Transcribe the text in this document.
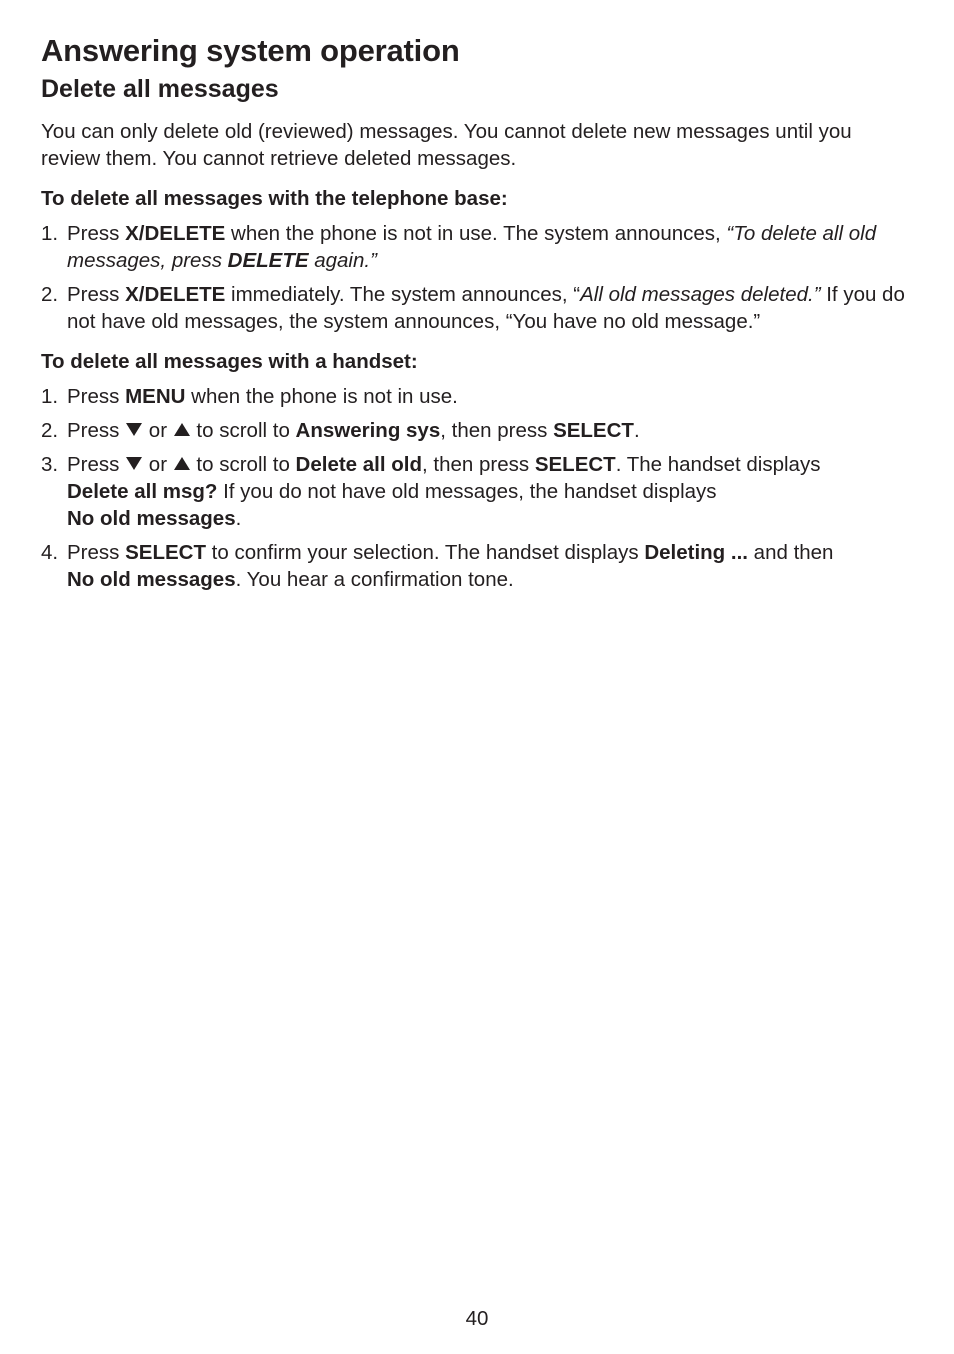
Answering system operation
Delete all messages

You can only delete old (reviewed) messages. You cannot delete new messages until you review them. You cannot retrieve deleted messages.

To delete all messages with the telephone base:

1. Press X/DELETE when the phone is not in use. The system announces, “To delete all old messages, press DELETE again.”
2. Press X/DELETE immediately. The system announces, “All old messages deleted.” If you do not have old messages, the system announces, “You have no old message.”

To delete all messages with a handset:

1. Press MENU when the phone is not in use.
2. Press  or  to scroll to Answering sys, then press SELECT.
3. Press  or  to scroll to Delete all old, then press SELECT. The handset displays
Delete all msg? If you do not have old messages, the handset displays
No old messages.
4. Press SELECT to confirm your selection. The handset displays Deleting ... and then
No old messages. You hear a confirmation tone.
40
